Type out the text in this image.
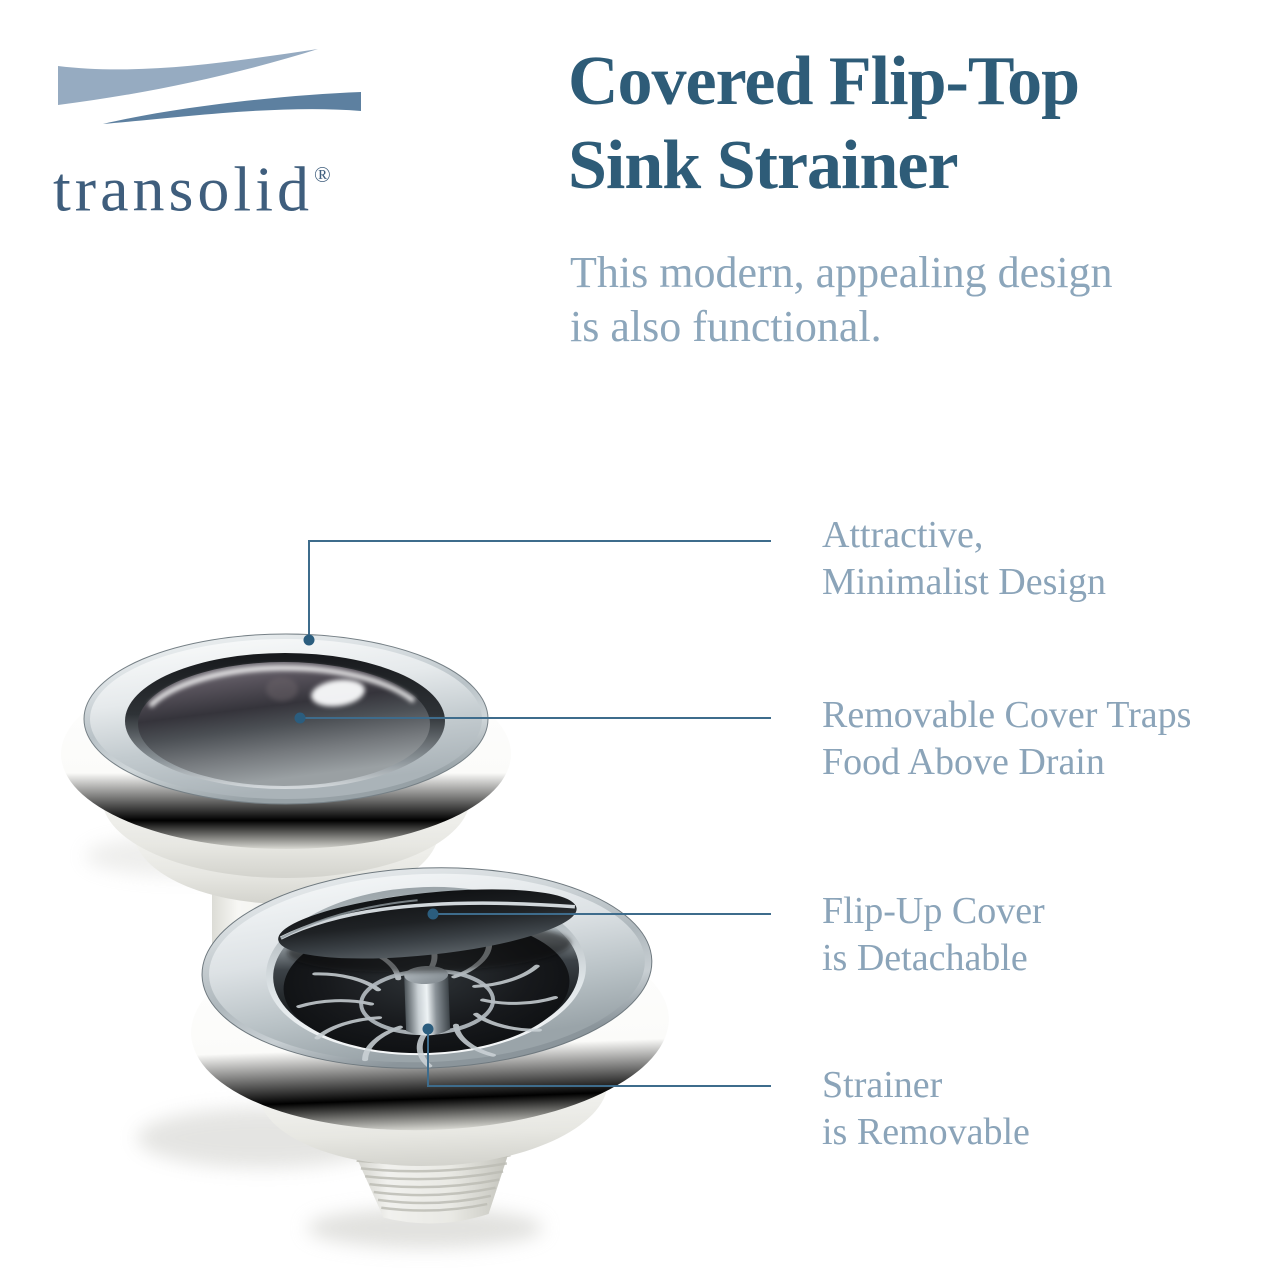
transolid®
Covered Flip-Top
Sink Strainer

This modern, appealing design
is also functional.

Attractive,
Minimalist Design
Removable Cover Traps
Food Above Drain
Flip-Up Cover
is Detachable
Strainer
is Removable
